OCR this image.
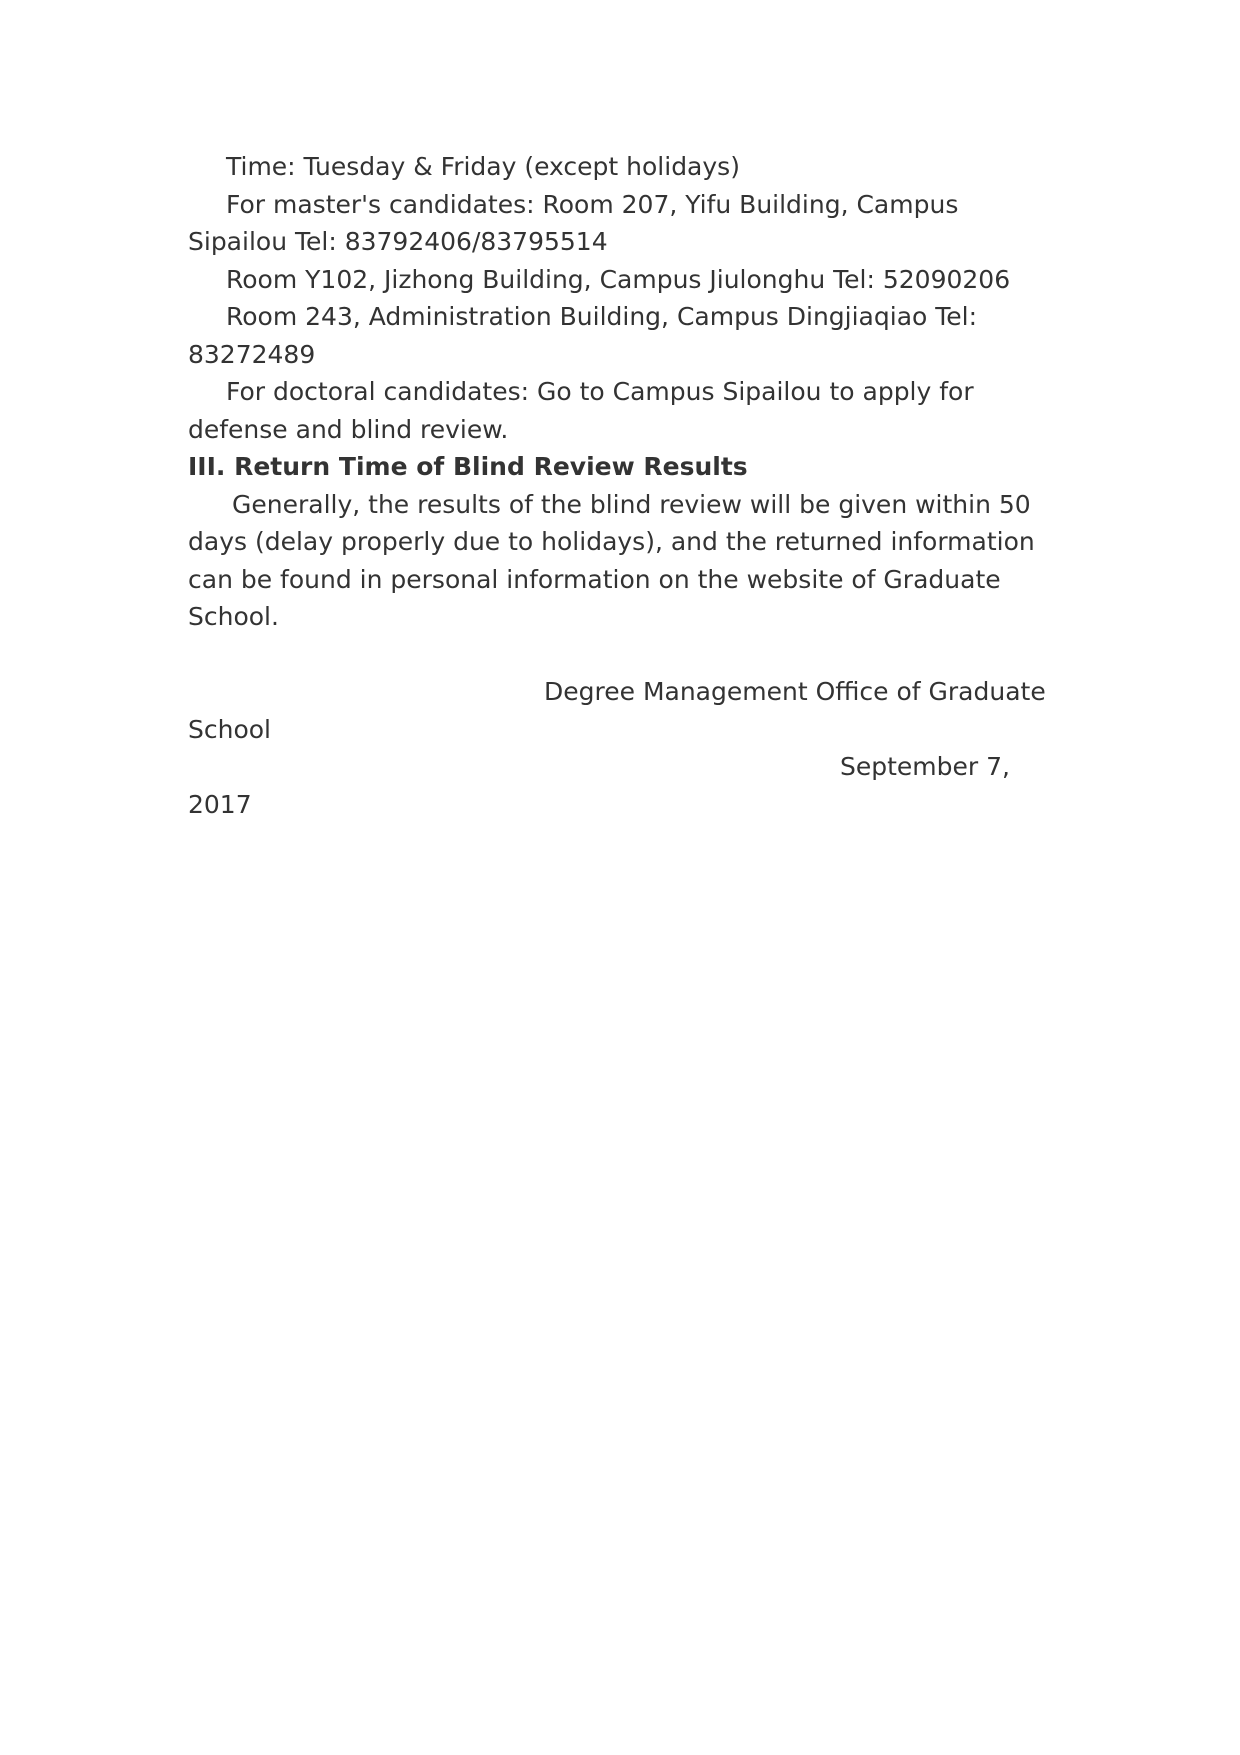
Time: Tuesday & Friday (except holidays)

For master's candidates: Room 207, Yifu Building, Campus

Sipailou Tel: 83792406/83795514

Room Y102, Jizhong Building, Campus Jiulonghu Tel: 52090206

Room 243, Administration Building, Campus Dingjiaqiao Tel:

83272489

For doctoral candidates: Go to Campus Sipailou to apply for

defense and blind review.

III. Return Time of Blind Review Results

Generally, the results of the blind review will be given within 50

days (delay properly due to holidays), and the returned information

can be found in personal information on the website of Graduate

School.

Degree Management Office of Graduate

School

September 7,

2017
